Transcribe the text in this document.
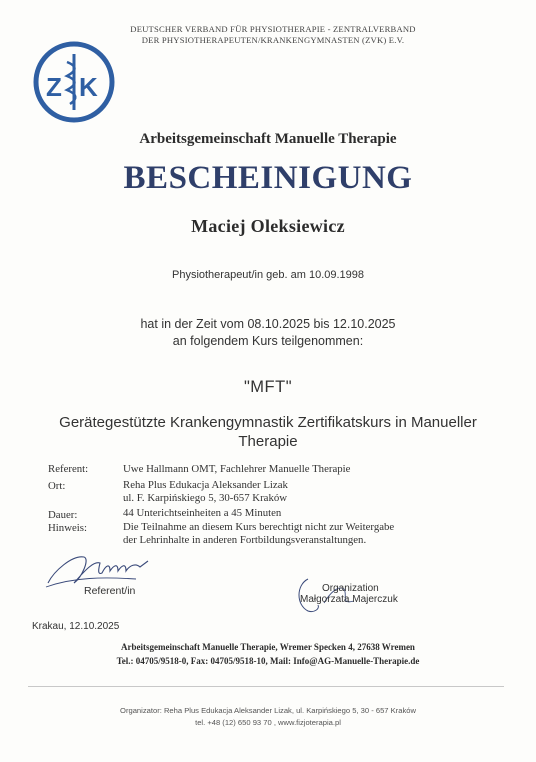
Z K
DEUTSCHER VERBAND FÜR PHYSIOTHERAPIE - ZENTRALVERBAND
DER PHYSIOTHERAPEUTEN/KRANKENGYMNASTEN (ZVK) E.V.
Arbeitsgemeinschaft Manuelle Therapie
BESCHEINIGUNG
Maciej Oleksiewicz
Physiotherapeut/in geb. am 10.09.1998
hat in der Zeit vom 08.10.2025 bis 12.10.2025
an folgendem Kurs teilgenommen:
"MFT"
Gerätegestützte Krankengymnastik Zertifikatskurs in Manueller
Therapie
Referent:	Uwe Hallmann OMT, Fachlehrer Manuelle Therapie
Ort:	Reha Plus Edukacja Aleksander Lizak
ul. F. Karpińskiego 5, 30-657 Kraków
Dauer:	44 Unterichtseinheiten a 45 Minuten
Hinweis:	Die Teilnahme an diesem Kurs berechtigt nicht zur Weitergabe
der Lehrinhalte in anderen Fortbildungsveranstaltungen.
Referent/in	Organization
Małgorzata Majerczuk
Krakau, 12.10.2025
Arbeitsgemeinschaft Manuelle Therapie, Wremer Specken 4, 27638 Wremen
Tel.: 04705/9518-0, Fax: 04705/9518-10, Mail: Info@AG-Manuelle-Therapie.de
Organizator: Reha Plus Edukacja Aleksander Lizak, ul. Karpińskiego 5, 30 - 657 Kraków
tel. +48 (12) 650 93 70 , www.fizjoterapia.pl
